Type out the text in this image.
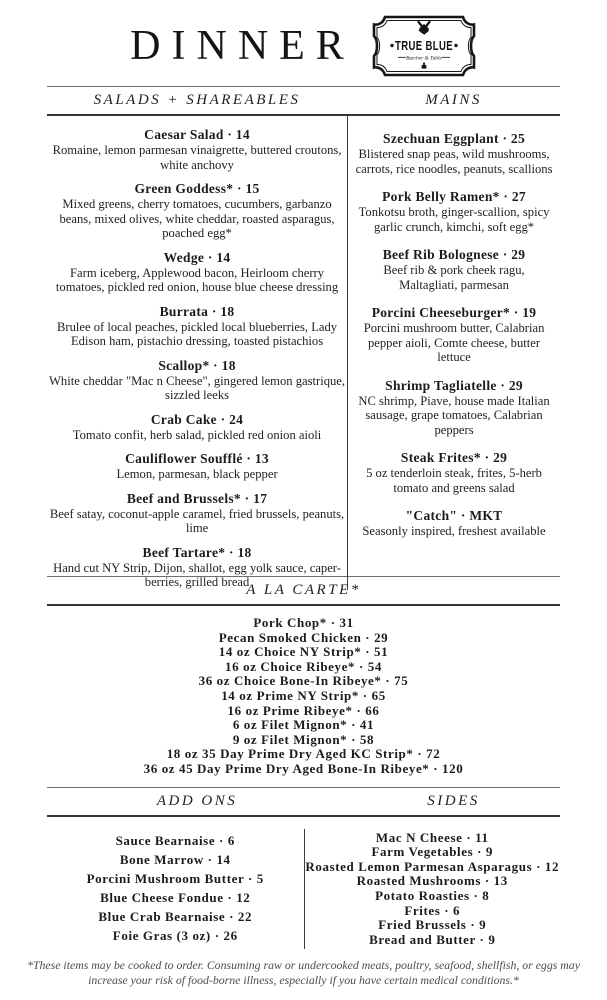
DINNER	TRUE BLUE
Butcher & Table
SALADS + SHAREABLES	MAINS
Caesar Salad · 14
Romaine, lemon parmesan vinaigrette, buttered croutons, white anchovy
Green Goddess* · 15
Mixed greens, cherry tomatoes, cucumbers, garbanzo beans, mixed olives, white cheddar, roasted asparagus, poached egg*
Wedge · 14
Farm iceberg, Applewood bacon, Heirloom cherry tomatoes, pickled red onion, house blue cheese dressing
Burrata · 18
Brulee of local peaches, pickled local blueberries, Lady Edison ham, pistachio dressing, toasted pistachios
Scallop* · 18
White cheddar "Mac n Cheese", gingered lemon gastrique, sizzled leeks
Crab Cake · 24
Tomato confit, herb salad, pickled red onion aioli
Cauliflower Soufflé · 13
Lemon, parmesan, black pepper
Beef and Brussels* · 17
Beef satay, coconut-apple caramel, fried brussels, peanuts, lime
Beef Tartare* · 18
Hand cut NY Strip, Dijon, shallot, egg yolk sauce, caper-berries, grilled bread
Szechuan Eggplant · 25
Blistered snap peas, wild mushrooms, carrots, rice noodles, peanuts, scallions
Pork Belly Ramen* · 27
Tonkotsu broth, ginger-scallion, spicy garlic crunch, kimchi, soft egg*
Beef Rib Bolognese · 29
Beef rib & pork cheek ragu, Maltagliati, parmesan
Porcini Cheeseburger* · 19
Porcini mushroom butter, Calabrian pepper aioli, Comte cheese, butter lettuce
Shrimp Tagliatelle · 29
NC shrimp, Piave, house made Italian sausage, grape tomatoes, Calabrian peppers
Steak Frites* · 29
5 oz tenderloin steak, frites, 5-herb tomato and greens salad
"Catch" · MKT
Seasonly inspired, freshest available
A LA CARTE*
Pork Chop* · 31
Pecan Smoked Chicken · 29
14 oz Choice NY Strip* · 51
16 oz Choice Ribeye* · 54
36 oz Choice Bone-In Ribeye* · 75
14 oz Prime NY Strip* · 65
16 oz Prime Ribeye* · 66
6 oz Filet Mignon* · 41
9 oz Filet Mignon* · 58
18 oz 35 Day Prime Dry Aged KC Strip* · 72
36 oz 45 Day Prime Dry Aged Bone-In Ribeye* · 120
ADD ONS	SIDES
Sauce Bearnaise · 6
Bone Marrow · 14
Porcini Mushroom Butter · 5
Blue Cheese Fondue · 12
Blue Crab Bearnaise · 22
Foie Gras (3 oz) · 26
Mac N Cheese · 11
Farm Vegetables · 9
Roasted Lemon Parmesan Asparagus · 12
Roasted Mushrooms · 13
Potato Roasties · 8
Frites · 6
Fried Brussels · 9
Bread and Butter · 9
*These items may be cooked to order. Consuming raw or undercooked meats, poultry, seafood, shellfish, or eggs may
increase your risk of food-borne illness, especially if you have certain medical conditions.*
